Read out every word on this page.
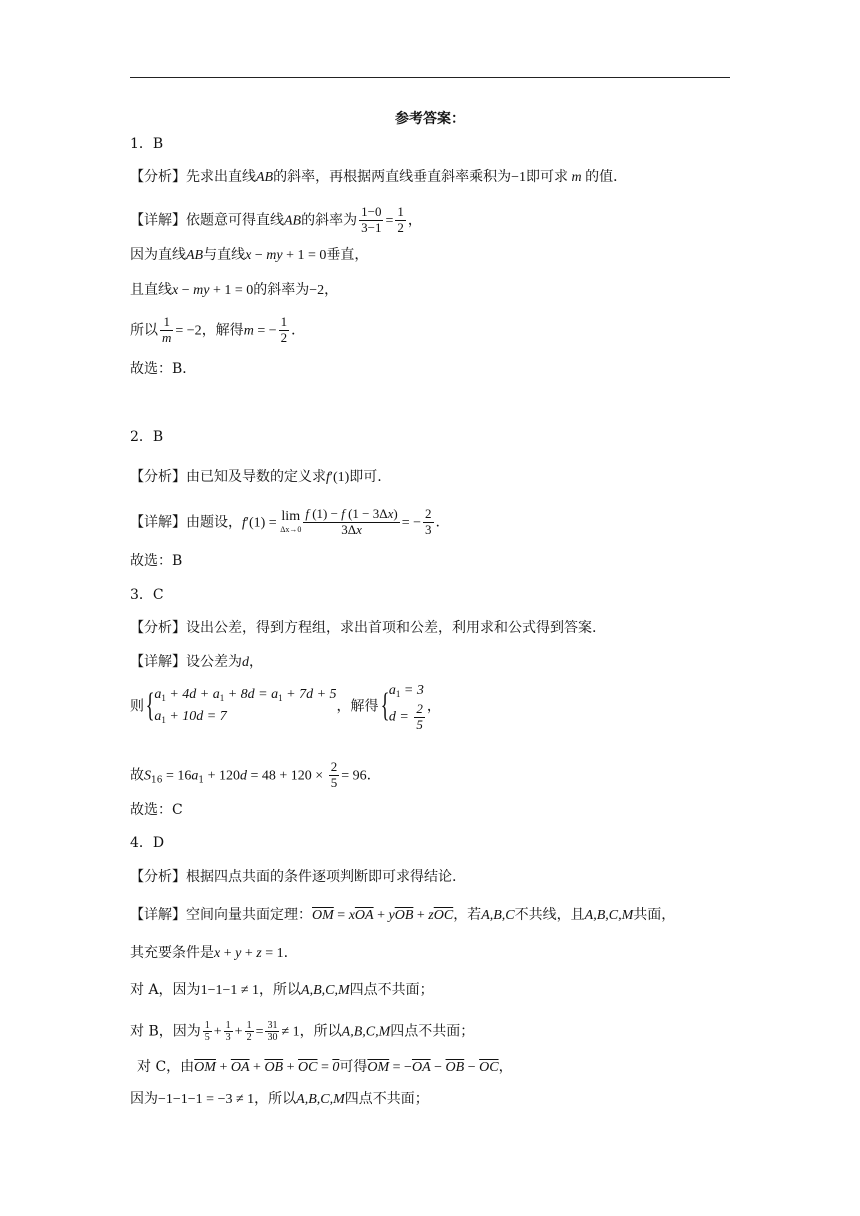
参考答案：
1．B
【分析】先求出直线AB的斜率，再根据两直线垂直斜率乘积为−1即可求 m 的值．
【详解】依题意可得直线AB的斜率为 $\frac{1-0}{3-1} = \frac{1}{2}$ ，
因为直线AB与直线x − my + 1 = 0垂直，
且直线x − my + 1 = 0的斜率为−2，
所以 $\frac{1}{m} = -2$，解得m = − $\frac{1}{2}$ ．
故选：B．
2．B
【分析】由已知及导数的定义求f′(1)即可.
【详解】由题设，f′(1) = lim
$\Delta x\to 0 \frac{f (1) - f (1 - 3\Delta x)}{3\Delta x}$ = − $\frac{2}{3}$ .
故选：B
3．C
【分析】设出公差，得到方程组，求出首项和公差，利用求和公式得到答案.
【详解】设公差为d，
则{$a_1 + 4d + a_1 + 8d = a_1 + 7d + 5$
$a_1 + 10d = 7$，解得{$a_1 = 3$
$d = \frac{2}{5}$ ，
故$S_{16} = 16a_1 + 120d = 48 + 120 \times \frac{2}{5} = 96$.
故选：C
4．D
【分析】根据四点共面的条件逐项判断即可求得结论.
【详解】空间向量共面定理：$\overline{OM} = x\overline{OA} + y\overline{OB} + z\overline{OC}$，若A,B,C不共线，且A,B,C,M共面，
其充要条件是x + y + z = 1.
对 A，因为1−1−1 ≠ 1，所以A,B,C,M四点不共面；
对 B，因为 $\frac{1}{5} + \frac{1}{3} + \frac{1}{2} = \frac{31}{30} \ne 1$，所以A,B,C,M四点不共面；
对 C，由$\overline{OM} + \overline{OA} + \overline{OB} + \overline{OC} = 0$可得$\overline{OM} = -\overline{OA} - \overline{OB} - \overline{OC}$，
因为−1−1−1 = −3 ≠ 1，所以A,B,C,M四点不共面；
